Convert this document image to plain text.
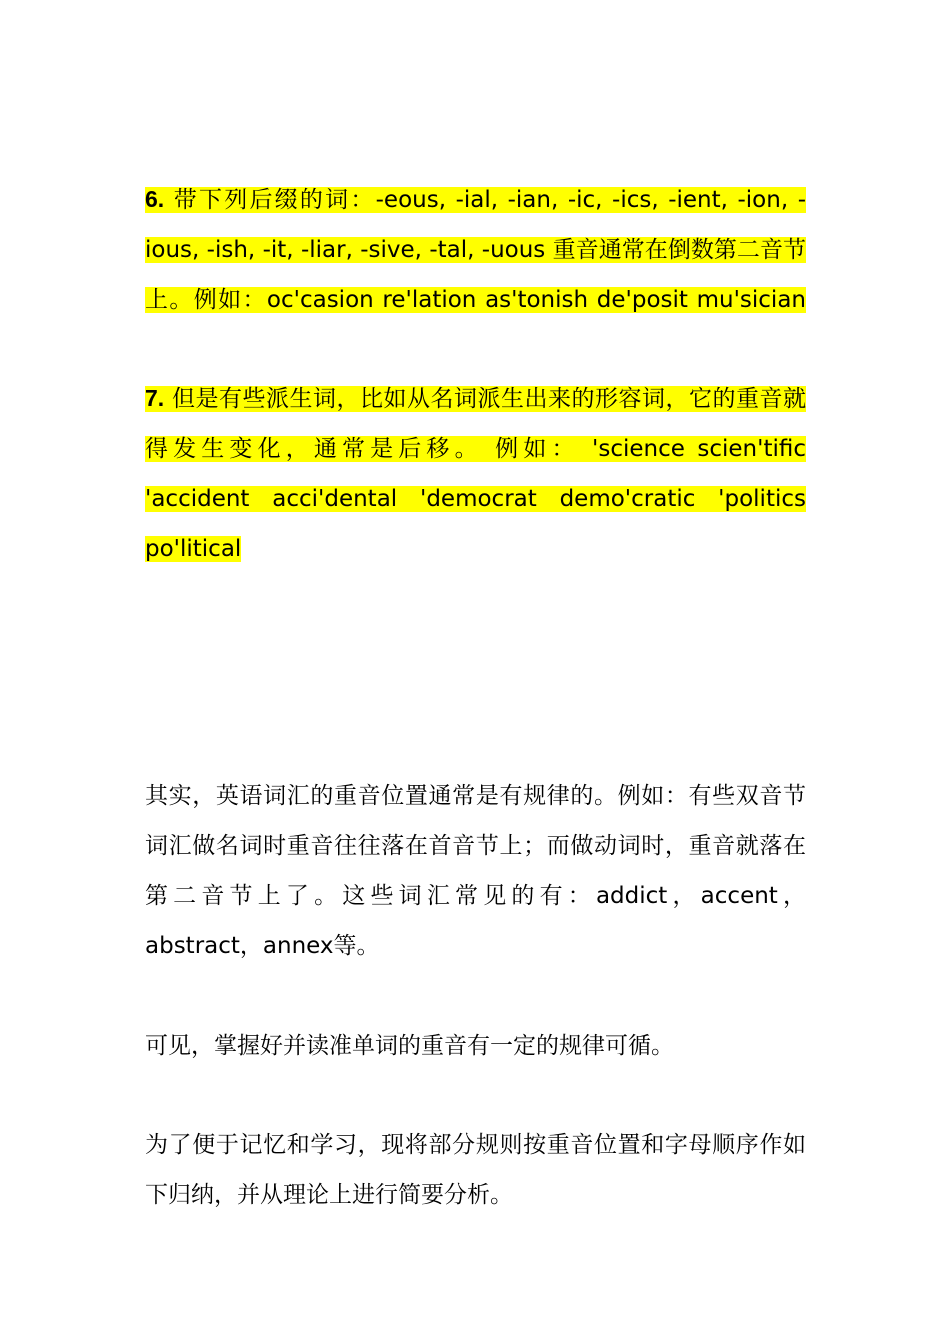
6. 带下列后缀的词：-eous, -ial, -ian, -ic, -ics, -ient, -ion, -ious, -ish, -it, -liar, -sive, -tal, -uous 重音通常在倒数第二音节上。例如：oc'casion re'lation as'tonish de'posit mu'sician

7. 但是有些派生词，比如从名词派生出来的形容词，它的重音就得发生变化，通常是后移。 例如： 'science scien'tific 'accident acci'dental 'democrat demo'cratic 'politics po'litical

其实，英语词汇的重音位置通常是有规律的。例如：有些双音节词汇做名词时重音往往落在首音节上；而做动词时，重音就落在第二音节上了。这些词汇常见的有：addict，accent，abstract，annex等。

可见，掌握好并读准单词的重音有一定的规律可循。

为了便于记忆和学习，现将部分规则按重音位置和字母顺序作如下归纳，并从理论上进行简要分析。
